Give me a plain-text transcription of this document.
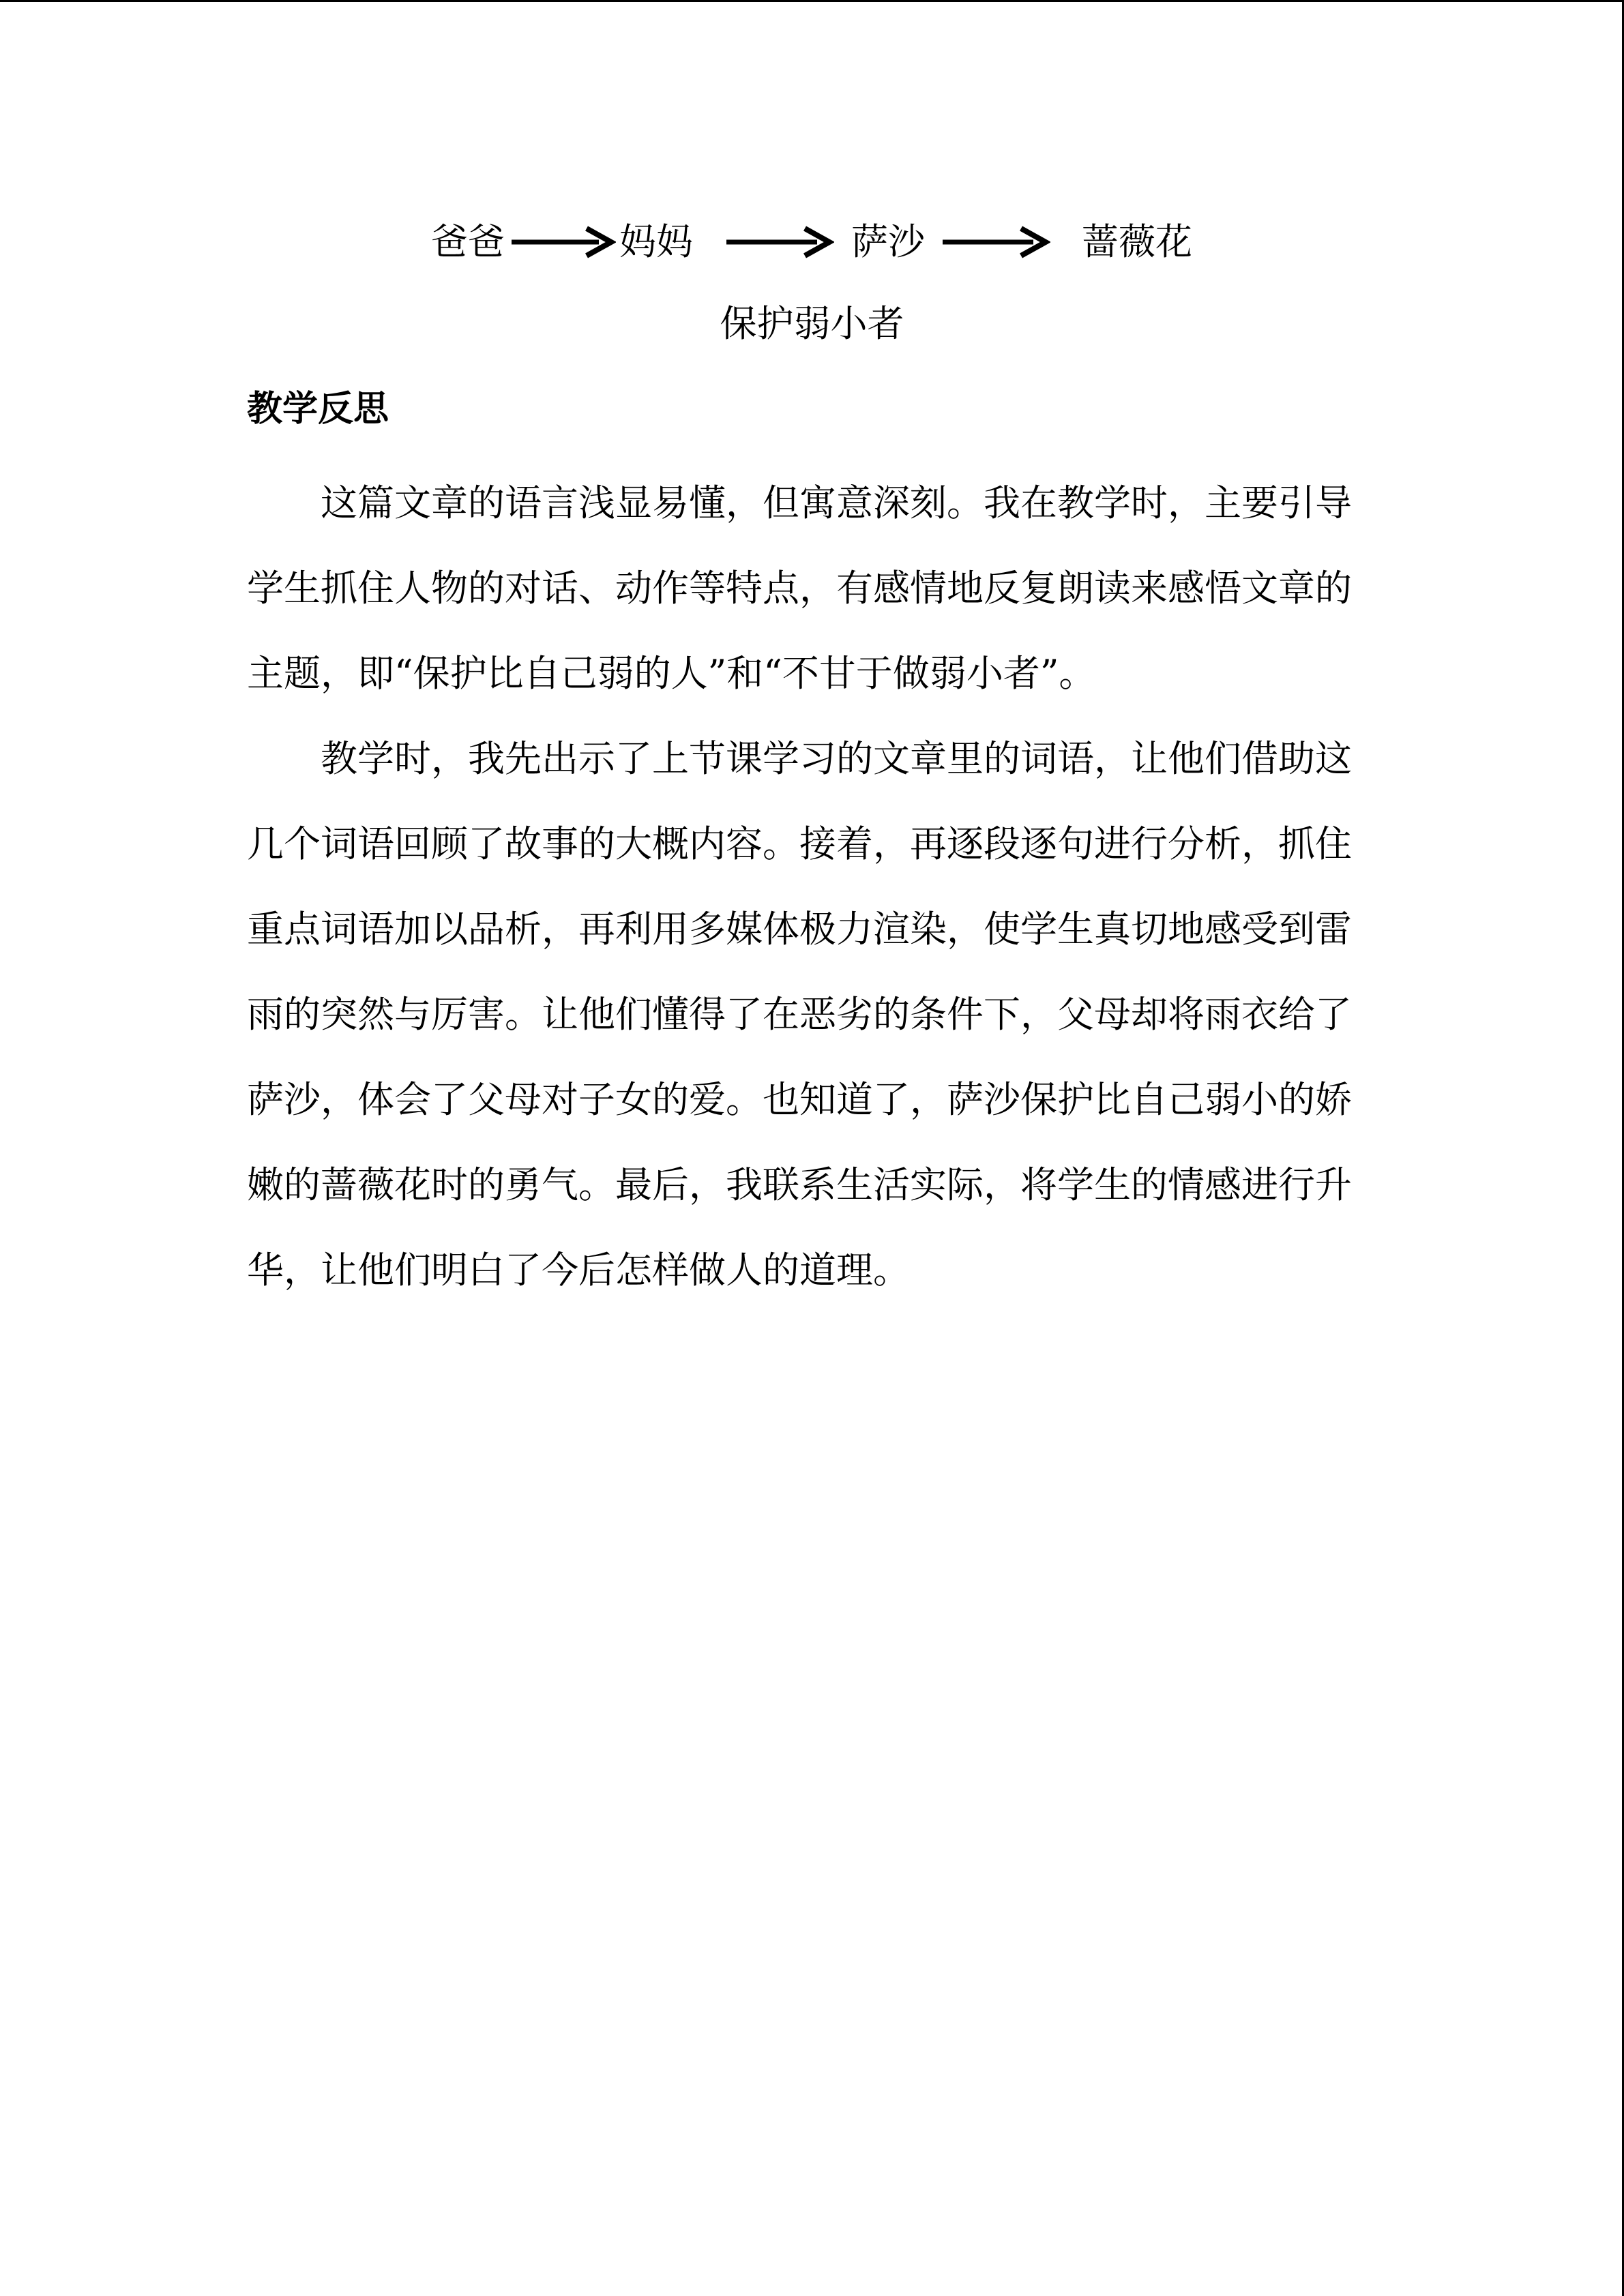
爸爸	妈妈	萨沙	蔷薇花
保护弱小者
教学反思

这篇文章的语言浅显易懂，但寓意深刻。我在教学时，主要引导学生抓住人物的对话、动作等特点，有感情地反复朗读来感悟文章的主题，即“保护比自己弱的人”和“不甘于做弱小者”。

教学时，我先出示了上节课学习的文章里的词语，让他们借助这几个词语回顾了故事的大概内容。接着，再逐段逐句进行分析，抓住重点词语加以品析，再利用多媒体极力渲染，使学生真切地感受到雷雨的突然与厉害。让他们懂得了在恶劣的条件下，父母却将雨衣给了萨沙，体会了父母对子女的爱。也知道了，萨沙保护比自己弱小的娇嫩的蔷薇花时的勇气。最后，我联系生活实际，将学生的情感进行升华，让他们明白了今后怎样做人的道理。
